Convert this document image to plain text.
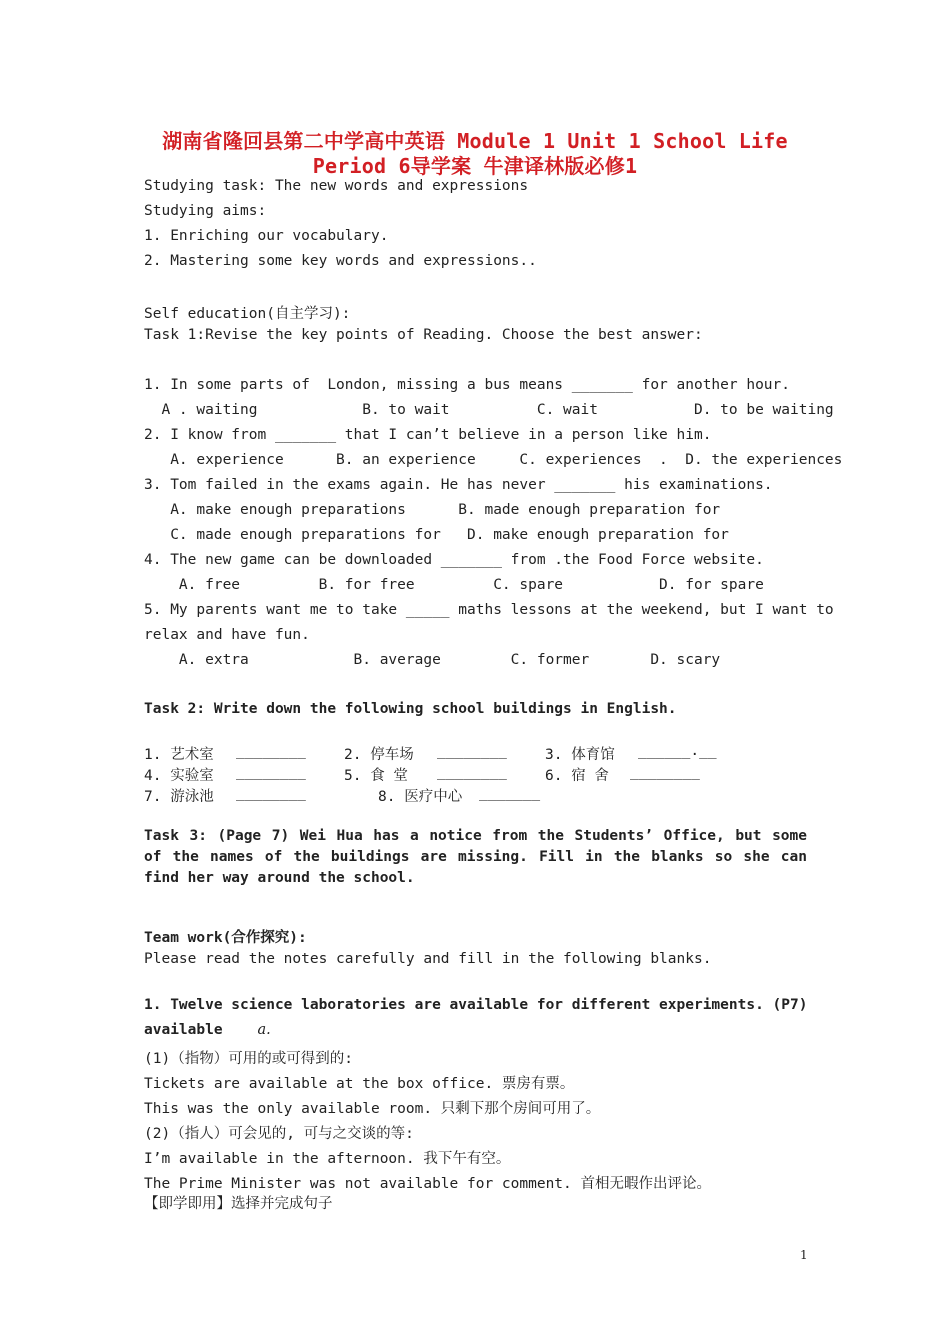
湖南省隆回县第二中学高中英语 Module 1 Unit 1 School Life
Period 6导学案 牛津译林版必修1
Studying task: The new words and expressions
Studying aims:
1. Enriching our vocabulary.
2. Mastering some key words and expressions..
Self education(自主学习):
Task 1:Revise the key points of Reading. Choose the best answer:
1. In some parts of  London, missing a bus means _______ for another hour.
A . waiting            B. to wait          C. wait           D. to be waiting
2. I know from _______ that I can’t believe in a person like him.
A. experience      B. an experience     C. experiences  .  D. the experiences
3. Tom failed in the exams again. He has never _______ his examinations.
A. make enough preparations      B. made enough preparation for
C. made enough preparations for   D. make enough preparation for
4. The new game can be downloaded _______ from .the Food Force website.
A. free         B. for free         C. spare           D. for spare
5. My parents want me to take _____ maths lessons at the weekend, but I want to
relax and have fun.
A. extra            B. average        C. former       D. scary
Task 2: Write down the following school buildings in English.
1. 艺术室 ________	2. 停车场 ________	3. 体育馆 ______.__
4. 实验室 ________	5. 食 堂 ________	6. 宿 舍 ________
7. 游泳池 ________	8. 医疗中心 _______
Task 3: (Page 7) Wei Hua has a notice from the Students’ Office, but some of the names of the buildings are missing. Fill in the blanks so she can find her way around the school.
Team work(合作探究):
Please read the notes carefully and fill in the following blanks.
1. Twelve science laboratories are available for different experiments. (P7)
available a.
(1)（指物）可用的或可得到的:
Tickets are available at the box office. 票房有票。
This was the only available room. 只剩下那个房间可用了。
(2)（指人）可会见的, 可与之交谈的等:
I’m available in the afternoon. 我下午有空。
The Prime Minister was not available for comment. 首相无暇作出评论。
【即学即用】选择并完成句子
1
